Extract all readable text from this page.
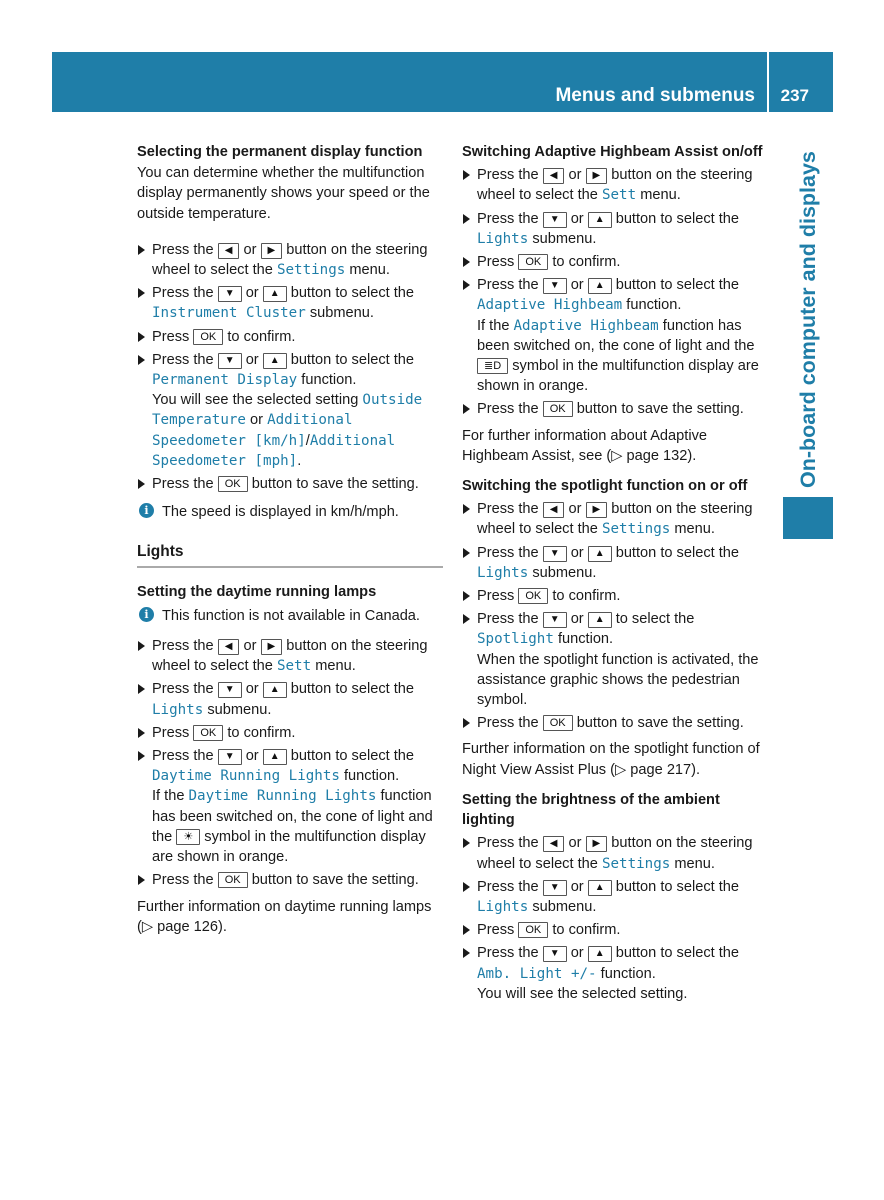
Menus and submenus 237
On-board computer and displays
Selecting the permanent display function

You can determine whether the multifunction display permanently shows your speed or the outside temperature.

Press the ◀ or ▶ button on the steering wheel to select the Settings menu.
Press the ▼ or ▲ button to select the Instrument Cluster submenu.
Press OK to confirm.
Press the ▼ or ▲ button to select the Permanent Display function.
You will see the selected setting Outside Temperature or Additional Speedometer [km/h]/Additional Speedometer [mph].
Press the OK button to save the setting.
i The speed is displayed in km/h/mph.
Lights
Setting the daytime running lamps
i This function is not available in Canada.
Press the ◀ or ▶ button on the steering wheel to select the Sett menu.
Press the ▼ or ▲ button to select the Lights submenu.
Press OK to confirm.
Press the ▼ or ▲ button to select the Daytime Running Lights function.
If the Daytime Running Lights function has been switched on, the cone of light and the ☀ symbol in the multifunction display are shown in orange.
Press the OK button to save the setting.

Further information on daytime running lamps (▷ page 126).

Switching Adaptive Highbeam Assist on/off
Press the ◀ or ▶ button on the steering wheel to select the Sett menu.
Press the ▼ or ▲ button to select the Lights submenu.
Press OK to confirm.
Press the ▼ or ▲ button to select the Adaptive Highbeam function.
If the Adaptive Highbeam function has been switched on, the cone of light and the ≣D symbol in the multifunction display are shown in orange.
Press the OK button to save the setting.

For further information about Adaptive Highbeam Assist, see (▷ page 132).

Switching the spotlight function on or off
Press the ◀ or ▶ button on the steering wheel to select the Settings menu.
Press the ▼ or ▲ button to select the Lights submenu.
Press OK to confirm.
Press the ▼ or ▲ to select the Spotlight function.
When the spotlight function is activated, the assistance graphic shows the pedestrian symbol.
Press the OK button to save the setting.

Further information on the spotlight function of Night View Assist Plus (▷ page 217).

Setting the brightness of the ambient lighting
Press the ◀ or ▶ button on the steering wheel to select the Settings menu.
Press the ▼ or ▲ button to select the Lights submenu.
Press OK to confirm.
Press the ▼ or ▲ button to select the Amb. Light +/- function.
You will see the selected setting.
